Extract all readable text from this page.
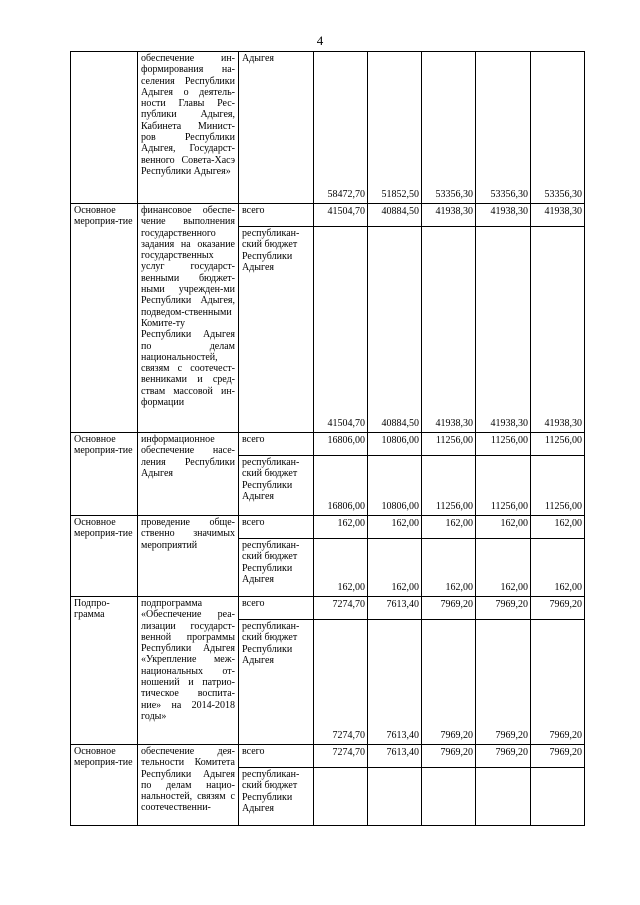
4
	обеспечение ин-формирования на-селения Республики Адыгея о деятель-ности Главы Рес-публики Адыгея, Кабинета Минист-ров Республики Адыгея, Государст-венного Совета-Хасэ Республики Адыгея»	Адыгея	58472,70	51852,50	53356,30	53356,30	53356,30
Основное мероприя-тие	финансовое обеспе-чение выполнения государственного задания на оказание государственных услуг государст-венными бюджет-ными учрежден-ми Республики Адыгея, подведом-ственными Комите-ту Республики Адыгея по делам национальностей, связям с соотечест-венниками и сред-ствам массовой ин-формации	всего	41504,70	40884,50	41938,30	41938,30	41938,30
		республикан-ский бюджет Республики Адыгея	41504,70	40884,50	41938,30	41938,30	41938,30
Основное мероприя-тие	информационное обеспечение насе-ления Республики Адыгея	всего	16806,00	10806,00	11256,00	11256,00	11256,00
		республикан-ский бюджет Республики Адыгея	16806,00	10806,00	11256,00	11256,00	11256,00
Основное мероприя-тие	проведение обще-ственно значимых мероприятий	всего	162,00	162,00	162,00	162,00	162,00
		республикан-ский бюджет Республики Адыгея	162,00	162,00	162,00	162,00	162,00
Подпро-грамма	подпрограмма «Обеспечение реа-лизации государст-венной программы Республики Адыгея «Укрепление меж-национальных от-ношений и патрио-тическое воспита-ние» на 2014-2018 годы»	всего	7274,70	7613,40	7969,20	7969,20	7969,20
		республикан-ский бюджет Республики Адыгея	7274,70	7613,40	7969,20	7969,20	7969,20
Основное мероприя-тие	обеспечение дея-тельности Комитета Республики Адыгея по делам нацио-нальностей, связям с соотечественни-	всего	7274,70	7613,40	7969,20	7969,20	7969,20
		республикан-ский бюджет Республики Адыгея					
